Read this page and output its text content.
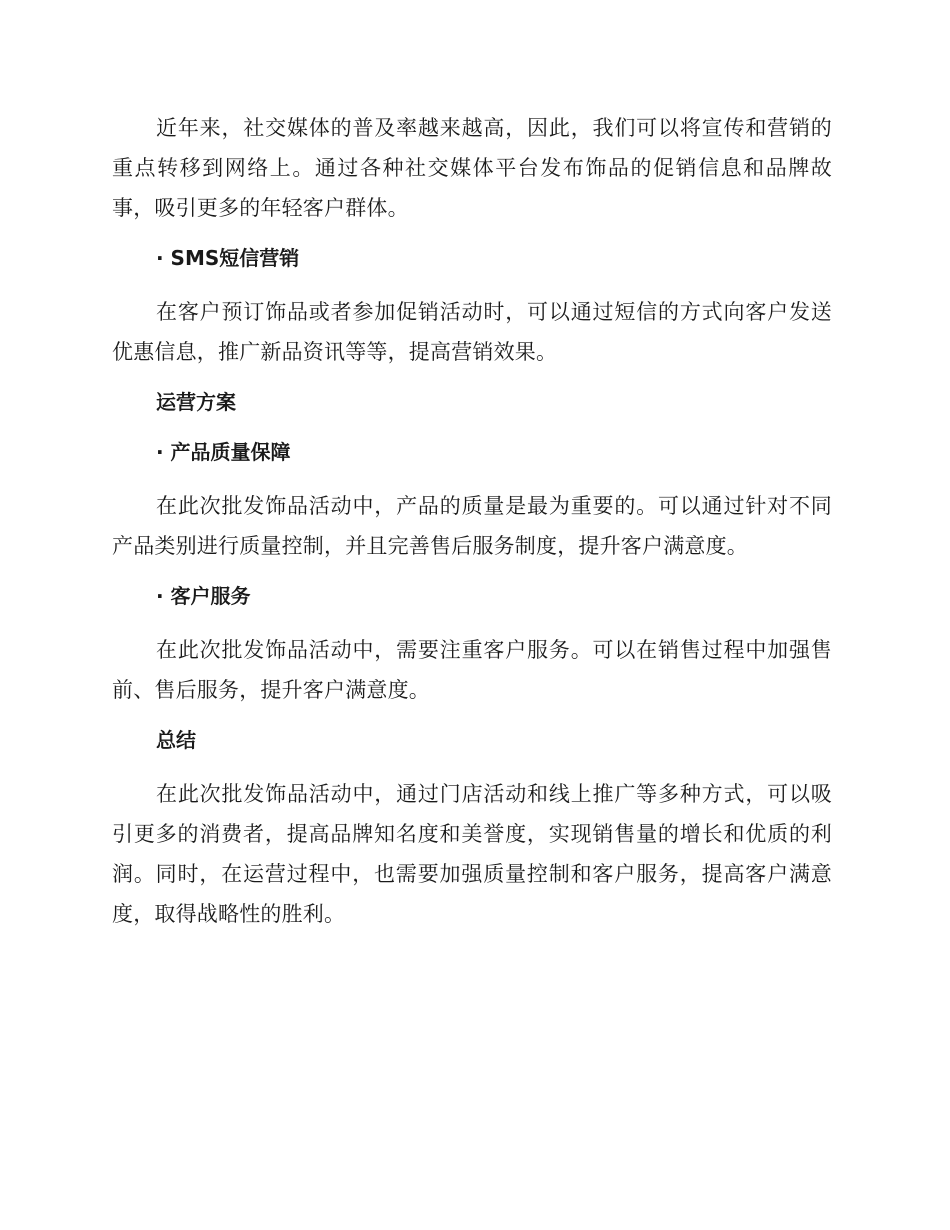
近年来，社交媒体的普及率越来越高，因此，我们可以将宣传和营销的重点转移到网络上。通过各种社交媒体平台发布饰品的促销信息和品牌故事，吸引更多的年轻客户群体。

· SMS短信营销

在客户预订饰品或者参加促销活动时，可以通过短信的方式向客户发送优惠信息，推广新品资讯等等，提高营销效果。

运营方案
· 产品质量保障

在此次批发饰品活动中，产品的质量是最为重要的。可以通过针对不同产品类别进行质量控制，并且完善售后服务制度，提升客户满意度。

· 客户服务

在此次批发饰品活动中，需要注重客户服务。可以在销售过程中加强售前、售后服务，提升客户满意度。

总结

在此次批发饰品活动中，通过门店活动和线上推广等多种方式，可以吸引更多的消费者，提高品牌知名度和美誉度，实现销售量的增长和优质的利润。同时，在运营过程中，也需要加强质量控制和客户服务，提高客户满意度，取得战略性的胜利。
